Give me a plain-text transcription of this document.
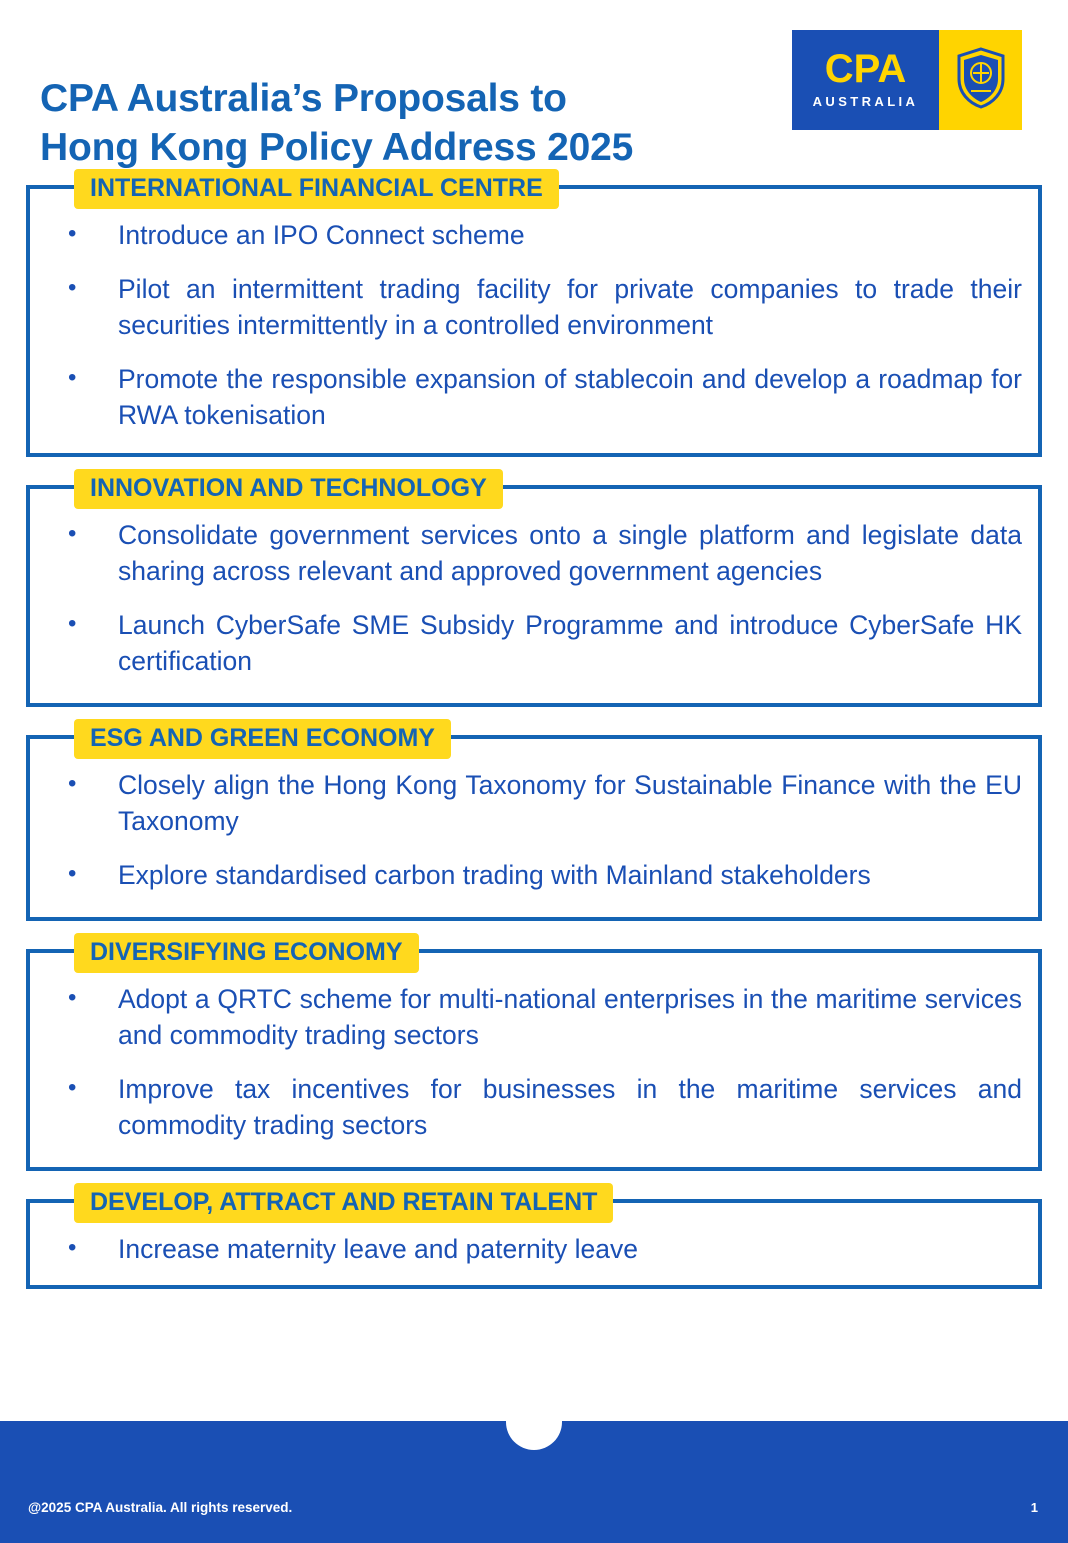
CPA Australia’s Proposals to
Hong Kong Policy Address 2025
CPA
AUSTRALIA
INTERNATIONAL FINANCIAL CENTRE
• Introduce an IPO Connect scheme
• Pilot an intermittent trading facility for private companies to trade their securities intermittently in a controlled environment
• Promote the responsible expansion of stablecoin and develop a roadmap for RWA tokenisation
INNOVATION AND TECHNOLOGY
• Consolidate government services onto a single platform and legislate data sharing across relevant and approved government agencies
• Launch CyberSafe SME Subsidy Programme and introduce CyberSafe HK certification
ESG AND GREEN ECONOMY
• Closely align the Hong Kong Taxonomy for Sustainable Finance with the EU Taxonomy
• Explore standardised carbon trading with Mainland stakeholders
DIVERSIFYING ECONOMY
• Adopt a QRTC scheme for multi-national enterprises in the maritime services and commodity trading sectors
• Improve tax incentives for businesses in the maritime services and commodity trading sectors
DEVELOP, ATTRACT AND RETAIN TALENT
• Increase maternity leave and paternity leave
@2025 CPA Australia. All rights reserved.	1
